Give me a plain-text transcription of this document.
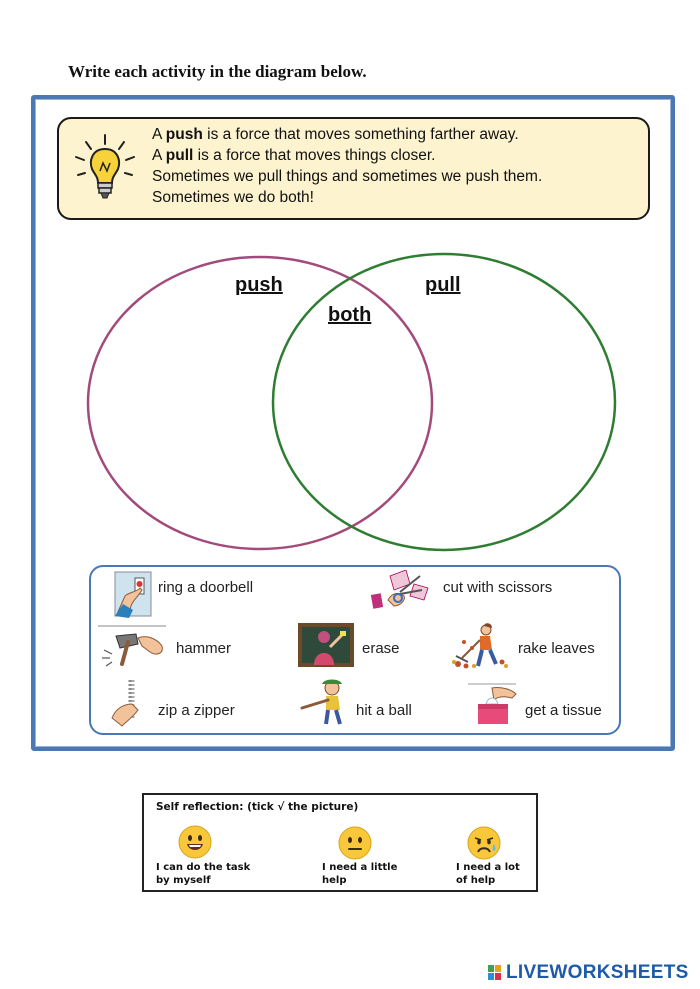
Write each activity in the diagram below.
A push is a force that moves something farther away.
A pull is a force that moves things closer.
Sometimes we pull things and sometimes we push them.
Sometimes we do both!
push	pull
both
ring a doorbell	cut with scissors
hammer	erase	rake leaves
zip a zipper	hit a ball	get a tissue
Self reflection: (tick √ the picture)
I can do the task
by myself
I need a little
help
I need a lot
of help
LIVEWORKSHEETS
